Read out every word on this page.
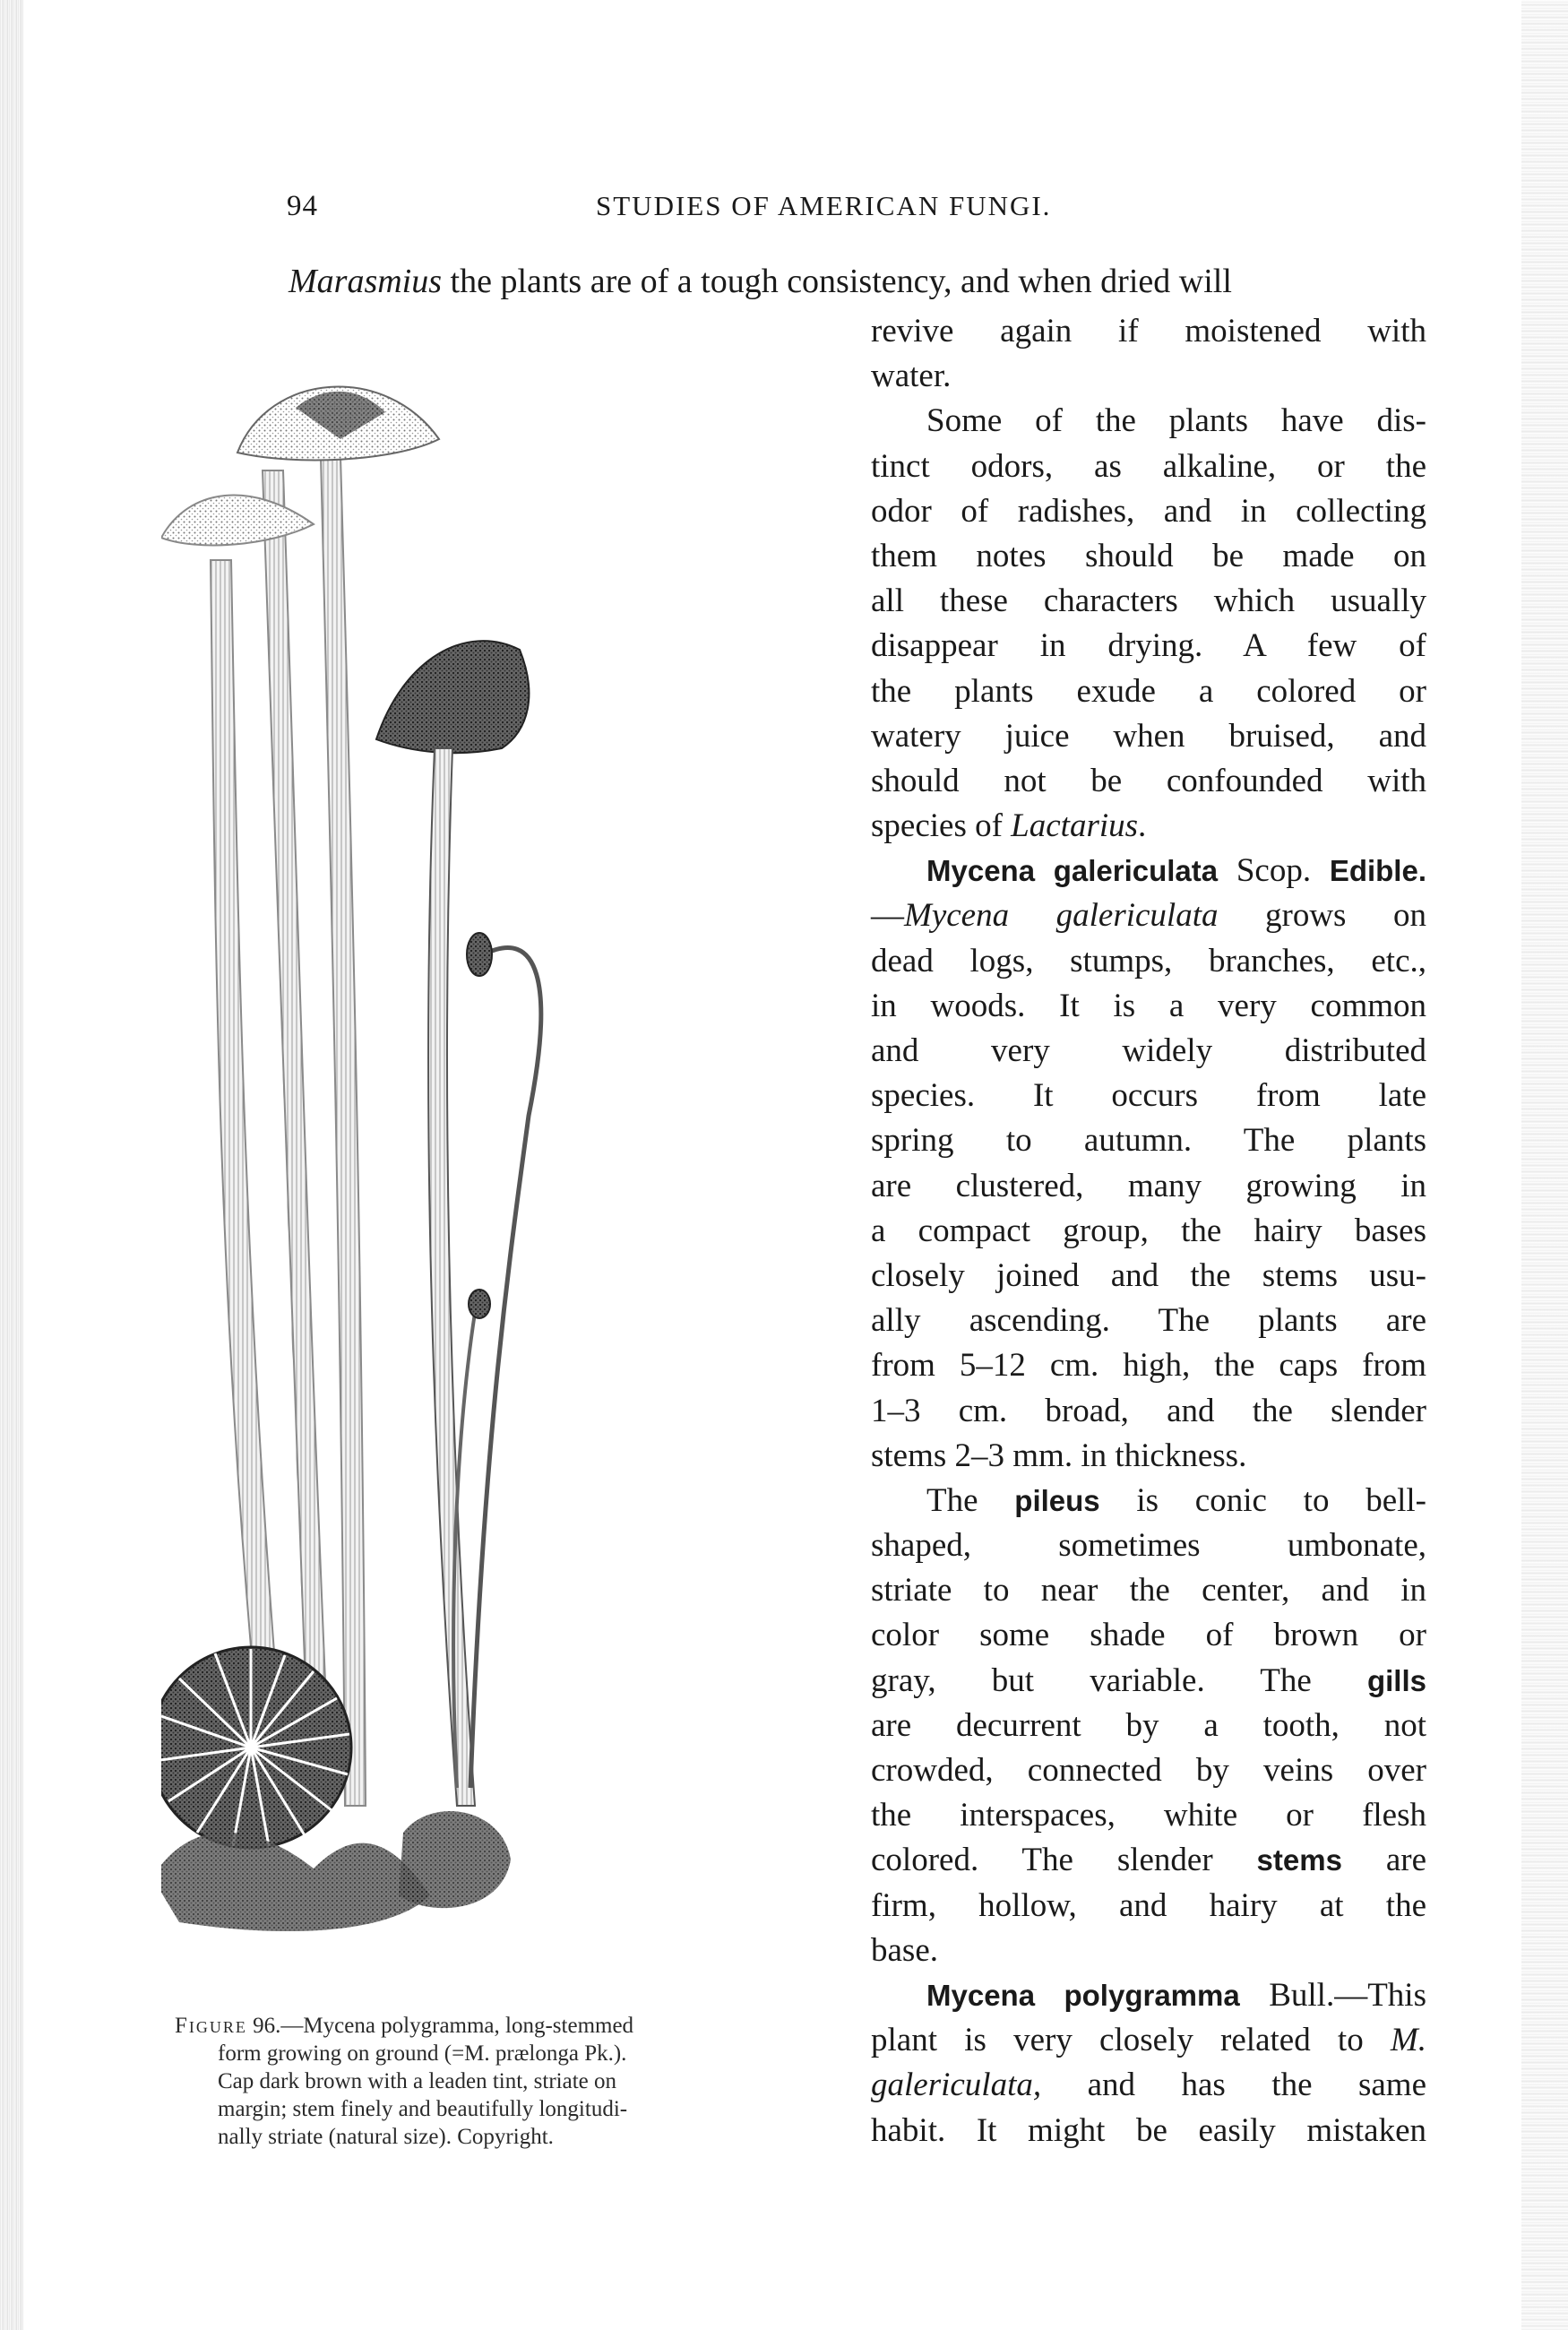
94	STUDIES OF AMERICAN FUNGI.
Marasmius the plants are of a tough consistency, and when dried will
Figure 96.—Mycena polygramma, long-stemmed
form growing on ground (=M. prælonga Pk.).
Cap dark brown with a leaden tint, striate on
margin; stem finely and beautifully longitudi-
nally striate (natural size). Copyright.

revive again if moistened with
water.

Some of the plants have dis-
tinct odors, as alkaline, or the
odor of radishes, and in collecting
them notes should be made on
all these characters which usually
disappear in drying. A few of
the plants exude a colored or
watery juice when bruised, and
should not be confounded with
species of Lactarius.

Mycena galericulata Scop. Edible.
—Mycena galericulata grows on
dead logs, stumps, branches, etc.,
in woods. It is a very common
and very widely distributed
species. It occurs from late
spring to autumn. The plants
are clustered, many growing in
a compact group, the hairy bases
closely joined and the stems usu-
ally ascending. The plants are
from 5–12 cm. high, the caps from
1–3 cm. broad, and the slender
stems 2–3 mm. in thickness.

The pileus is conic to bell-
shaped, sometimes umbonate,
striate to near the center, and in
color some shade of brown or
gray, but variable. The gills
are decurrent by a tooth, not
crowded, connected by veins over
the interspaces, white or flesh
colored. The slender stems are
firm, hollow, and hairy at the
base.

Mycena polygramma Bull.—This
plant is very closely related to M.
galericulata, and has the same
habit. It might be easily mistaken
